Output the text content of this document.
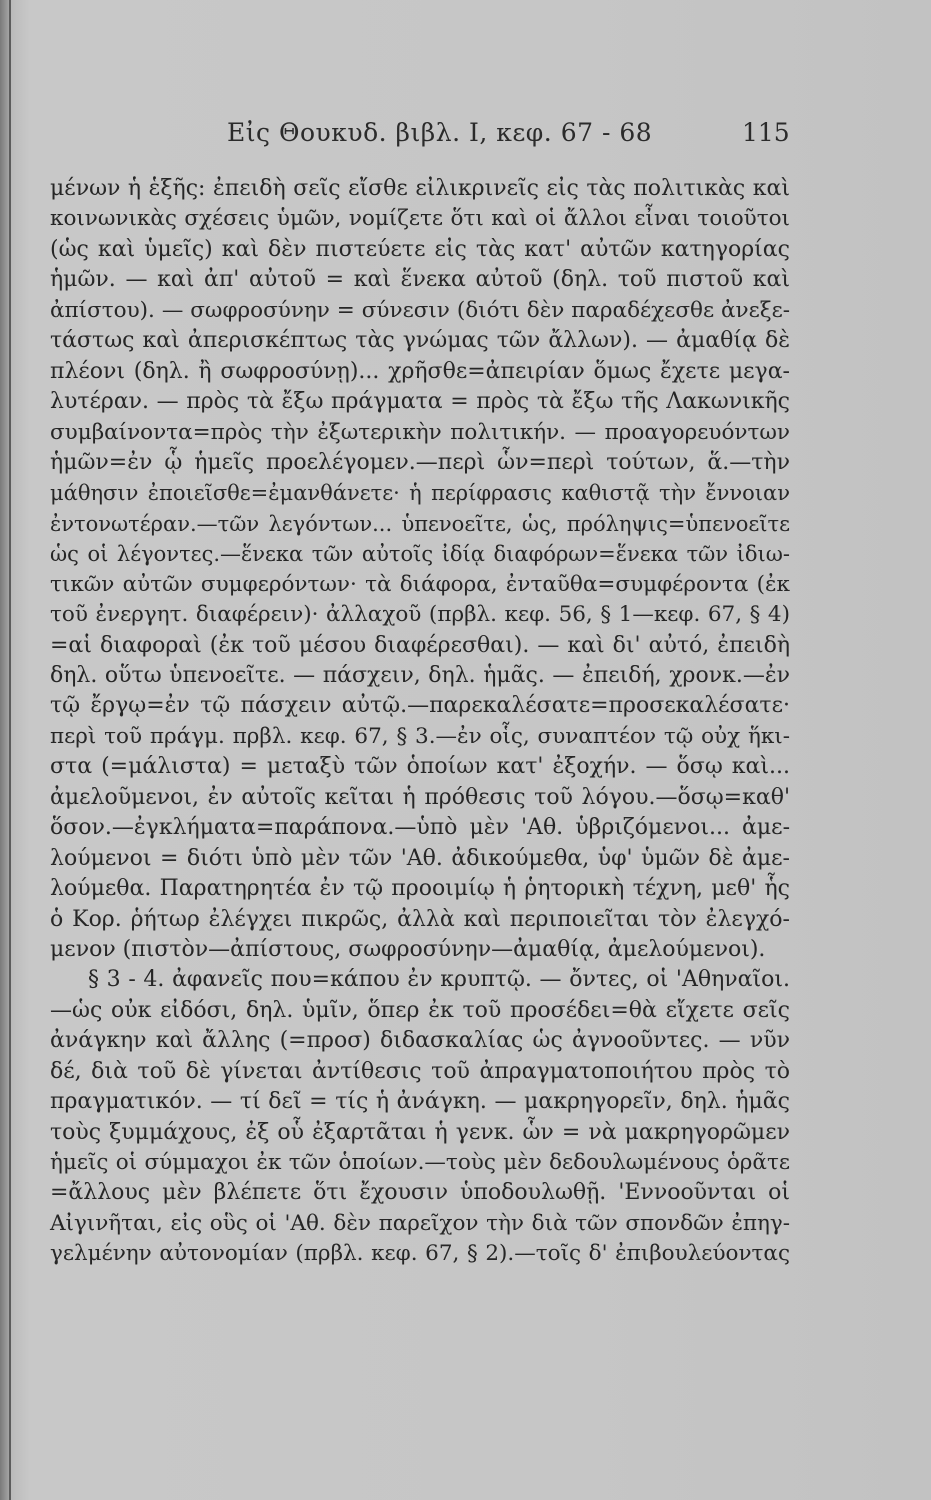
Εἰς Θουκυδ. βιβλ. I, κεφ. 67 - 68	115
μένων ἡ ἑξῆς: ἐπειδὴ σεῖς εἴσθε εἰλικρινεῖς εἰς τὰς πολιτικὰς καὶ
κοινωνικὰς σχέσεις ὑμῶν, νομίζετε ὅτι καὶ οἱ ἄλλοι εἶναι τοιοῦτοι
(ὡς καὶ ὑμεῖς) καὶ δὲν πιστεύετε εἰς τὰς κατ' αὐτῶν κατηγορίας
ἡμῶν. — καὶ ἀπ' αὐτοῦ = καὶ ἕνεκα αὐτοῦ (δηλ. τοῦ πιστοῦ καὶ
ἀπίστου). — σωφροσύνην = σύνεσιν (διότι δὲν παραδέχεσθε ἀνεξε-
τάστως καὶ ἀπερισκέπτως τὰς γνώμας τῶν ἄλλων). — ἀμαθίᾳ δὲ
πλέονι (δηλ. ἢ σωφροσύνῃ)... χρῆσθε=ἀπειρίαν ὅμως ἔχετε μεγα-
λυτέραν. — πρὸς τὰ ἔξω πράγματα = πρὸς τὰ ἔξω τῆς Λακωνικῆς
συμβαίνοντα=πρὸς τὴν ἐξωτερικὴν πολιτικήν. — προαγορευόντων
ἡμῶν=ἐν ᾧ ἡμεῖς προελέγομεν.—περὶ ὧν=περὶ τούτων, ἅ.—τὴν
μάθησιν ἐποιεῖσθε=ἐμανθάνετε· ἡ περίφρασις καθιστᾷ τὴν ἔννοιαν
ἐντονωτέραν.—τῶν λεγόντων... ὑπενοεῖτε, ὡς, πρόληψις=ὑπενοεῖτε
ὡς οἱ λέγοντες.—ἕνεκα τῶν αὐτοῖς ἰδίᾳ διαφόρων=ἕνεκα τῶν ἰδιω-
τικῶν αὐτῶν συμφερόντων· τὰ διάφορα, ἐνταῦθα=συμφέροντα (ἐκ
τοῦ ἐνεργητ. διαφέρειν)· ἀλλαχοῦ (πρβλ. κεφ. 56, § 1—κεφ. 67, § 4)
=αἱ διαφοραὶ (ἐκ τοῦ μέσου διαφέρεσθαι). — καὶ δι' αὐτό, ἐπειδὴ
δηλ. οὕτω ὑπενοεῖτε. — πάσχειν, δηλ. ἡμᾶς. — ἐπειδή, χρονκ.—ἐν
τῷ ἔργῳ=ἐν τῷ πάσχειν αὐτῷ.—παρεκαλέσατε=προσεκαλέσατε·
περὶ τοῦ πράγμ. πρβλ. κεφ. 67, § 3.—ἐν οἷς, συναπτέον τῷ οὐχ ἥκι-
στα (=μάλιστα) = μεταξὺ τῶν ὁποίων κατ' ἐξοχήν. — ὅσῳ καὶ...
ἀμελοῦμενοι, ἐν αὐτοῖς κεῖται ἡ πρόθεσις τοῦ λόγου.—ὅσῳ=καθ'
ὅσον.—ἐγκλήματα=παράπονα.—ὑπὸ μὲν 'Αθ. ὑβριζόμενοι... ἀμε-
λούμενοι = διότι ὑπὸ μὲν τῶν 'Αθ. ἀδικούμεθα, ὑφ' ὑμῶν δὲ ἀμε-
λούμεθα. Παρατηρητέα ἐν τῷ προοιμίῳ ἡ ῥητορικὴ τέχνη, μεθ' ἧς
ὁ Κορ. ῥήτωρ ἐλέγχει πικρῶς, ἀλλὰ καὶ περιποιεῖται τὸν ἐλεγχό-
μενον (πιστὸν—ἀπίστους, σωφροσύνην—ἀμαθίᾳ, ἀμελούμενοι).
§ 3 - 4. ἀφανεῖς που=κάπου ἐν κρυπτῷ. — ὄντες, οἱ 'Αθηναῖοι.
—ὡς οὐκ εἰδόσι, δηλ. ὑμῖν, ὅπερ ἐκ τοῦ προσέδει=θὰ εἴχετε σεῖς
ἀνάγκην καὶ ἄλλης (=προσ) διδασκαλίας ὡς ἀγνοοῦντες. — νῦν
δέ, διὰ τοῦ δὲ γίνεται ἀντίθεσις τοῦ ἀπραγματοποιήτου πρὸς τὸ
πραγματικόν. — τί δεῖ = τίς ἡ ἀνάγκη. — μακρηγορεῖν, δηλ. ἡμᾶς
τοὺς ξυμμάχους, ἐξ οὗ ἐξαρτᾶται ἡ γενκ. ὧν = νὰ μακρηγορῶμεν
ἡμεῖς οἱ σύμμαχοι ἐκ τῶν ὁποίων.—τοὺς μὲν δεδουλωμένους ὁρᾶτε
=ἄλλους μὲν βλέπετε ὅτι ἔχουσιν ὑποδουλωθῇ. 'Εννοοῦνται οἱ
Αἰγινῆται, εἰς οὓς οἱ 'Αθ. δὲν παρεῖχον τὴν διὰ τῶν σπονδῶν ἐπηγ-
γελμένην αὐτονομίαν (πρβλ. κεφ. 67, § 2).—τοῖς δ' ἐπιβουλεύοντας
